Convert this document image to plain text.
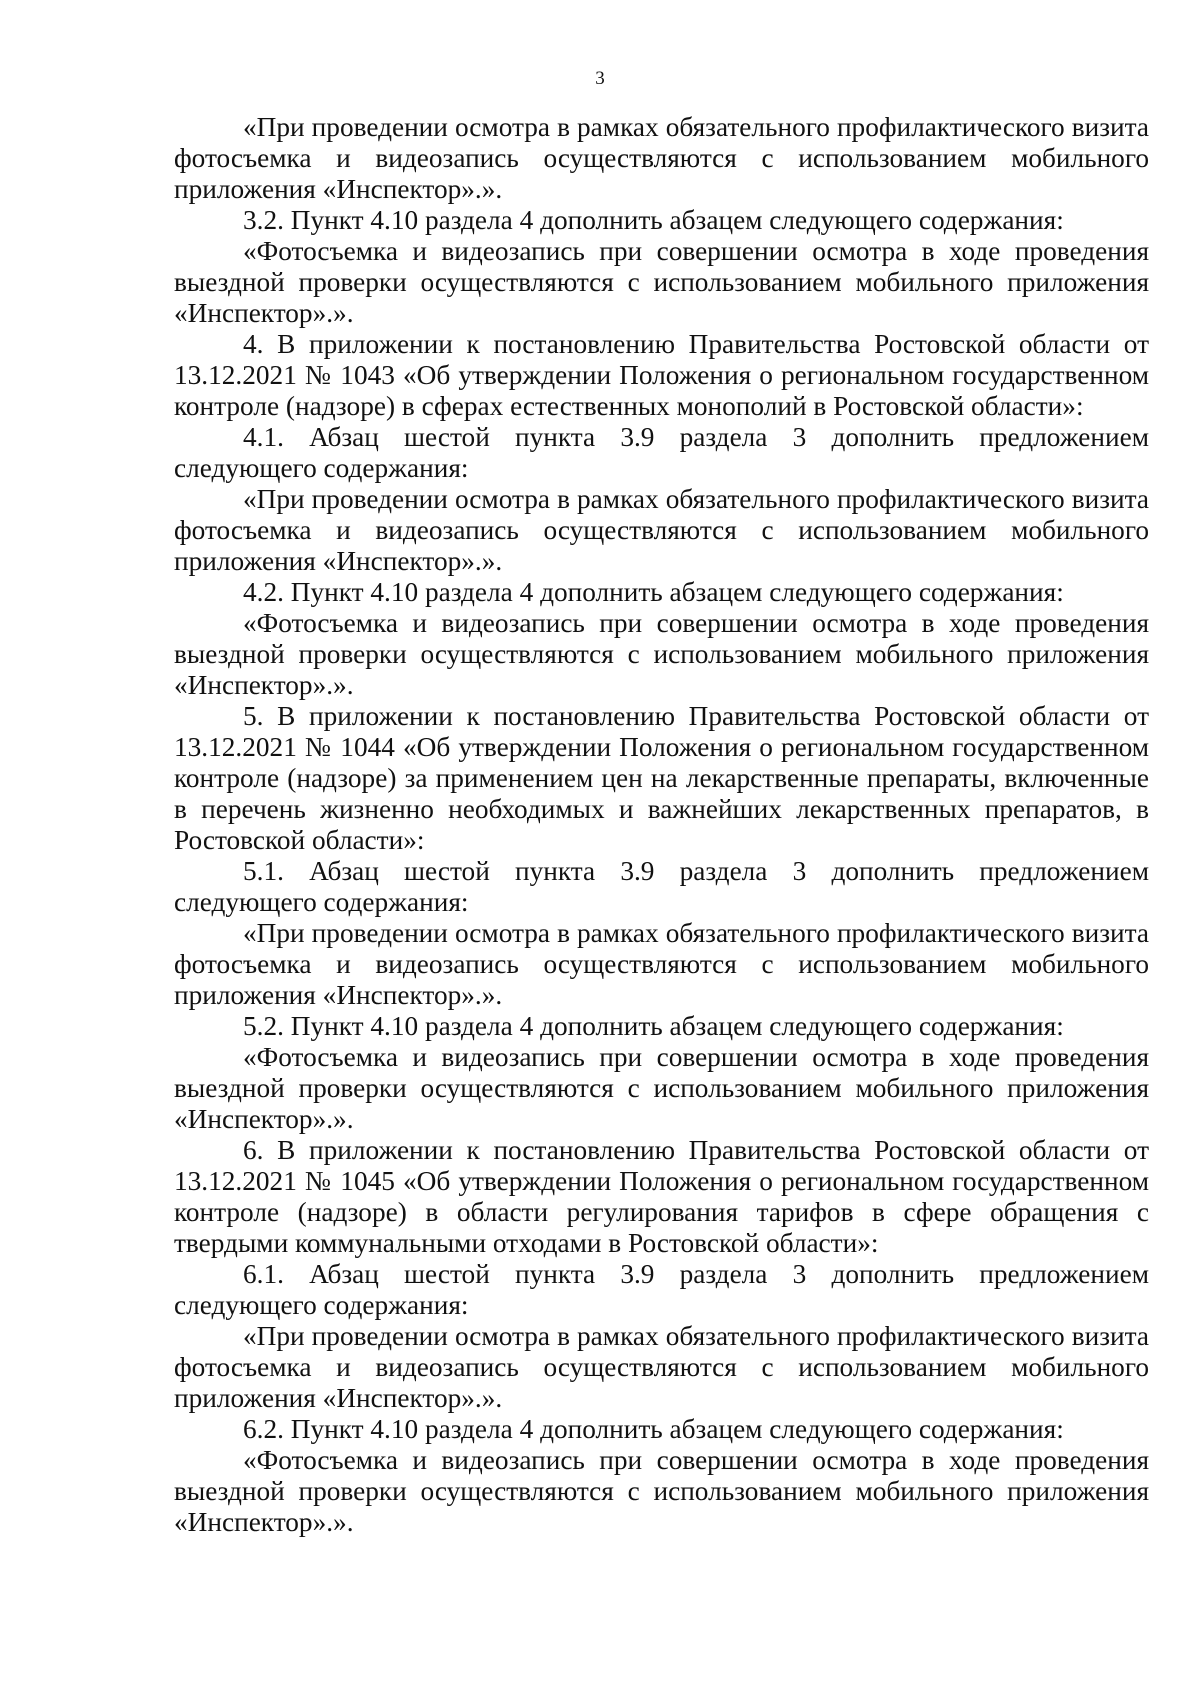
3

«При проведении осмотра в рамках обязательного профилактического визита фотосъемка и видеозапись осуществляются с использованием мобильного приложения «Инспектор».».

3.2. Пункт 4.10 раздела 4 дополнить абзацем следующего содержания:

«Фотосъемка и видеозапись при совершении осмотра в ходе проведения выездной проверки осуществляются с использованием мобильного приложения «Инспектор».».

4. В приложении к постановлению Правительства Ростовской области от 13.12.2021 № 1043 «Об утверждении Положения о региональном государственном контроле (надзоре) в сферах естественных монополий в Ростовской области»:

4.1. Абзац шестой пункта 3.9 раздела 3 дополнить предложением следующего содержания:

«При проведении осмотра в рамках обязательного профилактического визита фотосъемка и видеозапись осуществляются с использованием мобильного приложения «Инспектор».».

4.2. Пункт 4.10 раздела 4 дополнить абзацем следующего содержания:

«Фотосъемка и видеозапись при совершении осмотра в ходе проведения выездной проверки осуществляются с использованием мобильного приложения «Инспектор».».

5. В приложении к постановлению Правительства Ростовской области от 13.12.2021 № 1044 «Об утверждении Положения о региональном государственном контроле (надзоре) за применением цен на лекарственные препараты, включенные в перечень жизненно необходимых и важнейших лекарственных препаратов, в Ростовской области»:

5.1. Абзац шестой пункта 3.9 раздела 3 дополнить предложением следующего содержания:

«При проведении осмотра в рамках обязательного профилактического визита фотосъемка и видеозапись осуществляются с использованием мобильного приложения «Инспектор».».

5.2. Пункт 4.10 раздела 4 дополнить абзацем следующего содержания:

«Фотосъемка и видеозапись при совершении осмотра в ходе проведения выездной проверки осуществляются с использованием мобильного приложения «Инспектор».».

6. В приложении к постановлению Правительства Ростовской области от 13.12.2021 № 1045 «Об утверждении Положения о региональном государственном контроле (надзоре) в области регулирования тарифов в сфере обращения с твердыми коммунальными отходами в Ростовской области»:

6.1. Абзац шестой пункта 3.9 раздела 3 дополнить предложением следующего содержания:

«При проведении осмотра в рамках обязательного профилактического визита фотосъемка и видеозапись осуществляются с использованием мобильного приложения «Инспектор».».

6.2. Пункт 4.10 раздела 4 дополнить абзацем следующего содержания:

«Фотосъемка и видеозапись при совершении осмотра в ходе проведения выездной проверки осуществляются с использованием мобильного приложения «Инспектор».».
